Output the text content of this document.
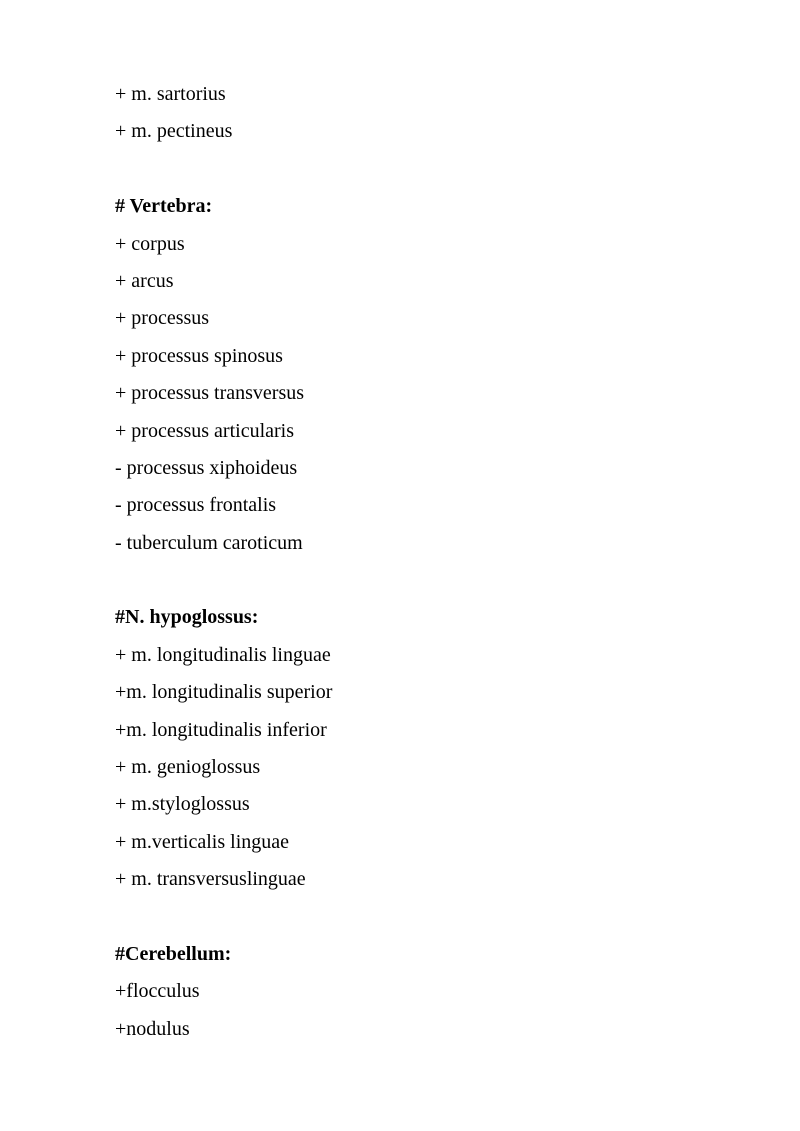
+ m. sartorius
+ m. pectineus
# Vertebra:
+ corpus
+ arcus
+ processus
+ processus spinosus
+ processus transversus
+ processus articularis
- processus xiphoideus
- processus frontalis
- tuberculum caroticum
#N. hypoglossus:
+ m. longitudinalis linguae
+m. longitudinalis superior
+m. longitudinalis inferior
+ m. genioglossus
+ m.styloglossus
+ m.verticalis linguae
+ m. transversuslinguae
#Cerebellum:
+flocculus
+nodulus
